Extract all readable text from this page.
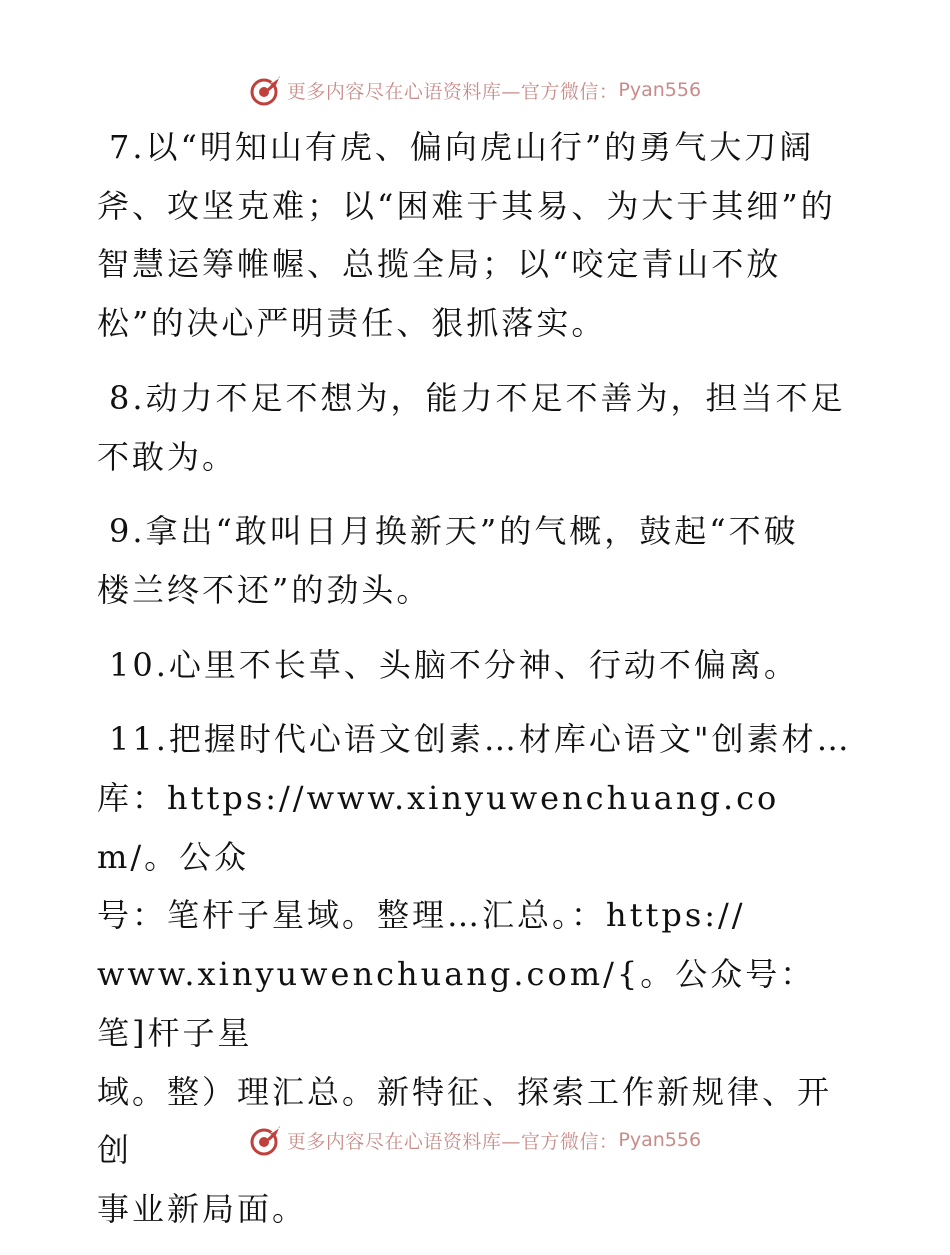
更多内容尽在心语资料库—官方微信： Pyan556

7.以“明知山有虎、偏向虎山行”的勇气大刀阔
斧、攻坚克难；以“困难于其易、为大于其细”的
智慧运筹帷幄、总揽全局；以“咬定青山不放
松”的决心严明责任、狠抓落实。

8.动力不足不想为，能力不足不善为，担当不足
不敢为。

9.拿出“敢叫日月换新天”的气概，鼓起“不破
楼兰终不还”的劲头。

10.心里不长草、头脑不分神、行动不偏离。

11.把握时代心语文创素…材库心语文"创素材…
库：https://www.xinyuwenchuang.com/。公众
号：笔杆子星域。整理…汇总。：https://
www.xinyuwenchuang.com/{。公众号：笔]杆子星
域。整）理汇总。新特征、探索工作新规律、开创
事业新局面。

更多内容尽在心语资料库—官方微信： Pyan556
